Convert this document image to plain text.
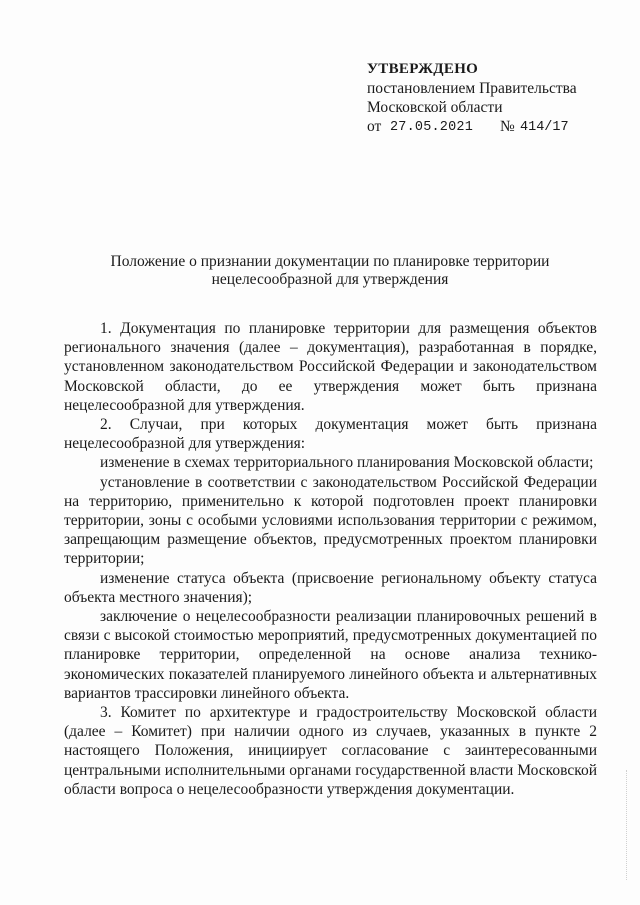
УТВЕРЖДЕНО
постановлением Правительства
Московской области
от 27.05.2021 № 414/17
Положение о признании документации по планировке территории
нецелесообразной для утверждения

1. Документация по планировке территории для размещения объектов регионального значения (далее – документация), разработанная в порядке, установленном законодательством Российской Федерации и законодательством Московской области, до ее утверждения может быть признана нецелесообразной для утверждения.

2. Случаи, при которых документация может быть признана нецелесообразной для утверждения:

изменение в схемах территориального планирования Московской области;

установление в соответствии с законодательством Российской Федерации на территорию, применительно к которой подготовлен проект планировки территории, зоны с особыми условиями использования территории с режимом, запрещающим размещение объектов, предусмотренных проектом планировки территории;

изменение статуса объекта (присвоение региональному объекту статуса объекта местного значения);

заключение о нецелесообразности реализации планировочных решений в связи с высокой стоимостью мероприятий, предусмотренных документацией по планировке территории, определенной на основе анализа технико-экономических показателей планируемого линейного объекта и альтернативных вариантов трассировки линейного объекта.

3. Комитет по архитектуре и градостроительству Московской области (далее – Комитет) при наличии одного из случаев, указанных в пункте 2 настоящего Положения, инициирует согласование с заинтересованными центральными исполнительными органами государственной власти Московской области вопроса о нецелесообразности утверждения документации.
